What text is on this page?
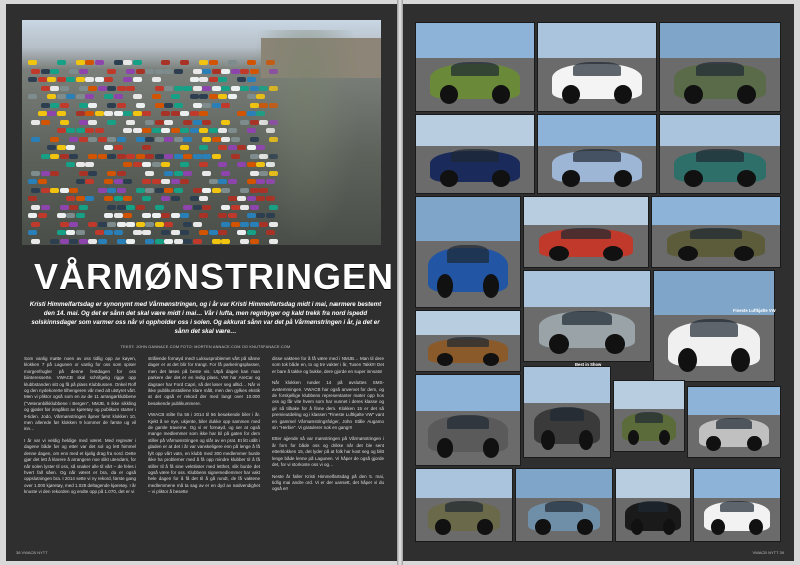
VÅRMØNSTRINGEN
Kristi Himmelfartsdag er synonymt med Vårmønstringen, og i år var Kristi Himmelfartsdag midt i mai, nærmere bestemt den 14. mai. Og det er sånn det skal være midt i mai… Vår i lufta, men regnbyger og kald trekk fra nord ispedd solskinnsdager som varmer oss når vi oppholder oss i solen. Og akkurat sånn var det på Vårmønstringen i år, ja det er sånn det skal være…
TEKST: JOHN GANNACE.COM FOTO: MORTEN ANNACE.COM OG KNUTSFANACE.COM

Som vanlig møtte noen av oss tidlig opp av køyen, klokken 7 på Lagunen or vanlig for oss som spiser morgenfrugler på denne festdagen for oss biinteresserte. VWACB skal schrifgelig rigge opp klubbstanden sitt og få på plass Klubbussen. Onkel Rolf og den nydekorerte tilhengeren vår med alt utstyret vårt. Men vi pliktor også som en av de 11 arrangørklubbene ("Veteranbilkklubbene i Bergen", NMJB, 6 ikke sikkling og gjøder før inngåkst av kjøretøy og publikum starter i 9-tiden. Jodo, Vårmønstringen åpner først klokken 10, men allerede før klokken 9 kommer de første ug vil inn…

I år var vi veldig heldige med været. Med regnvær i dagene både før og etter var det sol og lett himmel denne dagen, om enn med et kjølig drag fra nord. Dette gjør det lett å klarere å arrangere noe slikt utendørs, for når solen lyster til oss, så snaker alle til vårt – de feles i hvert fall såen. Og når været er bra, da er også oppslutningen bra. I 2014 sette vi ny rekord, første gang over 1.000 kjøretøy, med 1.028 deltagende kjøretøy. I år knuste vi den rekorden og endte opp på 1.070, det er vi

strålende fornøyd med! Luksusproblemet vårt på sånne dager er at det blir for trangt. For få parkeringsplasser, men det løses på beste vis. Utpå dagen kan man parkere der det er en ledig plass, VW har AreCar og dagsaer har Ford Capri, så det løser seg alltid… Når vi ikke publikumstallene klare målt, men den gylkes ekstik at det også er rekord der med langt over 10.000 besøkende publikummere.

VWACB stilte fra 55 i 2014 til 56 besøkende biler i år. Kjekt å se nye, ukjente, biler dukke opp sammen med de gamle traverne. Og vi er fornøyd, og ser at også mange medlemmer som ikke har bil på gaten for dem stiller på Vårmønstringen og slår av en prat. Et litt utålt i gladen er at det i år var vanskeligere enn på lenge å få fylt opp vårt vatn, en klubb med 300 medlemmer burde ikke ha problemer med å få opp mindre klubber til å få stiller til å få sine vekttiister med letthet, slik burde det også være for oss. Klubbens signemedlemmer har vakt hele dagen for å få det til å gå rundt, de få vaktene medlemmene må ta sag av er en dyd av nødvendighet – vi pliktor å besette

disse vaktene for å få være med i NMJB… Man til dere som tok både en, to og tre vakter i år, Tusen Takk!!! Det er bare å takke og bukke, dere gjorde en super innsats!

Når klokken runder 14 på avsluttes SMS-avstemmingen. VWACB har også anvervet for dem, og de forskjellige klubbens representanter møter opp hos oss og får vite hvem som har vunnet i deres klasse og gir så tilbake for å finne dem. Klokken 15 er det så premieutdeling og i klassen "Fineste Luftkjølte VW" vant en gammel Vårmønstringsfolger, John Ståle Augamo sin "Herbie". Vi gratulerer nok en gang!!!

Etter ajjende så var mønstringen på Vårmønstringen i år forn for både oss og drikke når det ble sent etterklokken 15, det lyder på at folk har kost seg og blitt lenge både lenne på Lagunen. Vi håper de også gjorde det, for vi storkoste oss vi og…

Neste år faller Kristi Himmelfartsdag på den 5. mai, tidlig mai andre ord. Vi er der uansett, det håper vi du også er!

38 VWACB NYTT
Best in Show
Fineste Luftkjølte VW
VWACB NYTT 39
